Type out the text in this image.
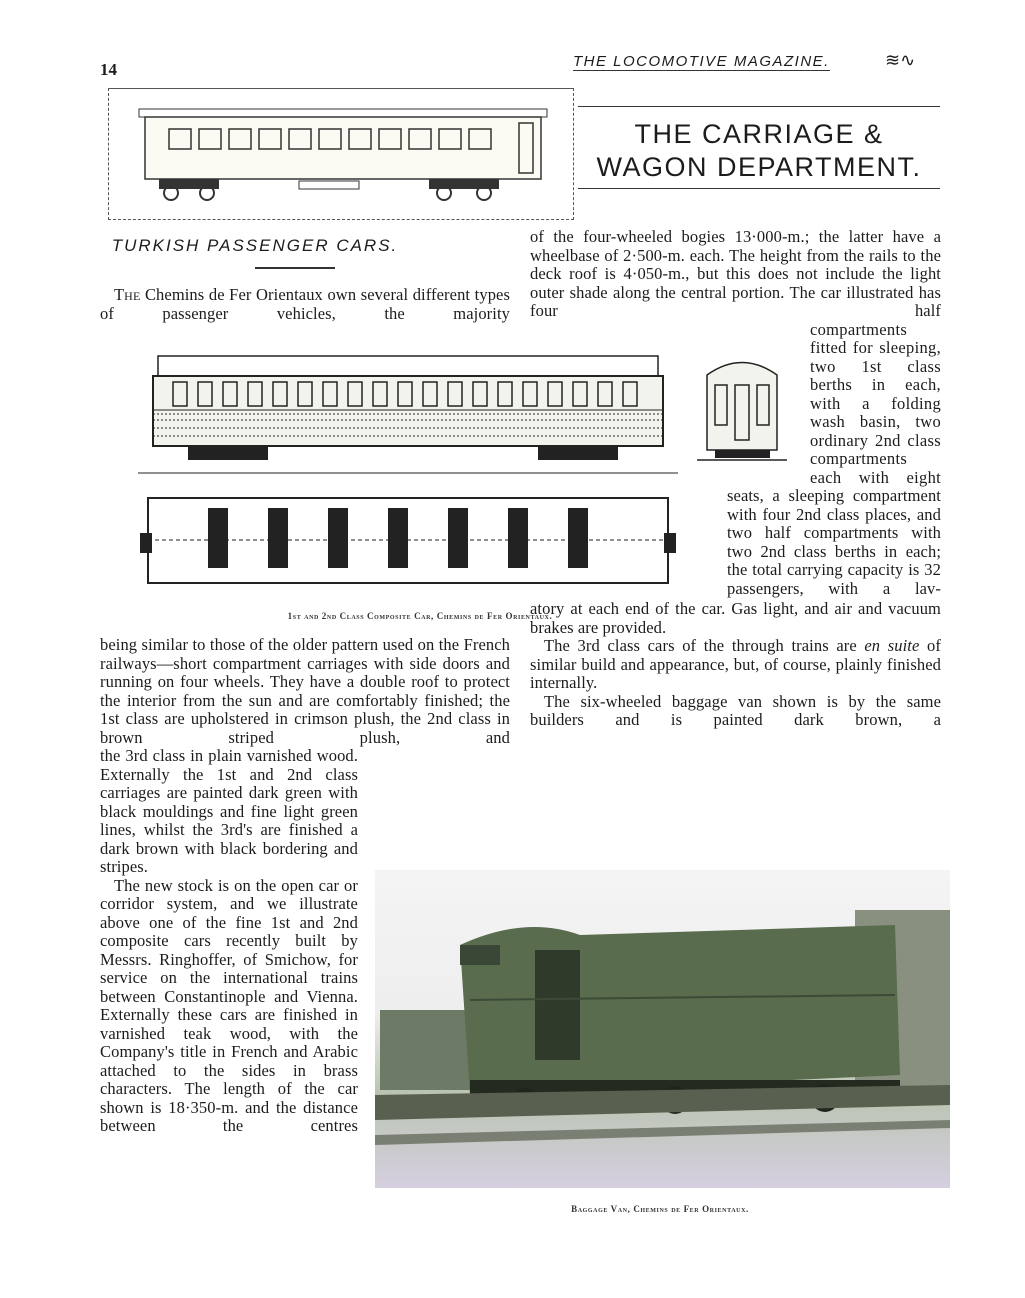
14	THE LOCOMOTIVE MAGAZINE.	≋∿
THE CARRIAGE &
WAGON DEPARTMENT.
TURKISH PASSENGER CARS.

The Chemins de Fer Orientaux own several different types of passenger vehicles, the majority

of the four-wheeled bogies 13·000-m.; the latter have a wheelbase of 2·500-m. each. The height from the rails to the deck roof is 4·050-m., but this does not include the light outer shade along the central portion. The car illustrated has four half
compartments fitted for sleeping, two 1st class berths in each, with a folding wash basin, two ordinary 2nd class compartments each with eight
seats, a sleeping compartment with four 2nd class places, and two half compartments with two 2nd class berths in each; the total carrying capacity is 32 passengers, with a lav-

atory at each end of the car. Gas light, and air and vacuum brakes are provided.

The 3rd class cars of the through trains are en suite of similar build and appearance, but, of course, plainly finished internally.

The six-wheeled baggage van shown is by the same builders and is painted dark brown, a

1st and 2nd Class Composite Car, Chemins de Fer Orientaux.
being similar to those of the older pattern used on the French railways—short compartment carriages with side doors and running on four wheels. They have a double roof to protect the interior from the sun and are comfortably finished; the 1st class are upholstered in crimson plush, the 2nd class in brown striped plush, and

the 3rd class in plain varnished wood. Externally the 1st and 2nd class carriages are painted dark green with black mouldings and fine light green lines, whilst the 3rd's are finished a dark brown with black bordering and stripes.

The new stock is on the open car or corridor system, and we illustrate above one of the fine 1st and 2nd composite cars recently built by Messrs. Ringhoffer, of Smichow, for service on the international trains between Constantinople and Vienna. Externally these cars are finished in varnished teak wood, with the Company's title in French and Arabic attached to the sides in brass characters. The length of the car shown is 18·350-m. and the distance between the centres

Baggage Van, Chemins de Fer Orientaux.
